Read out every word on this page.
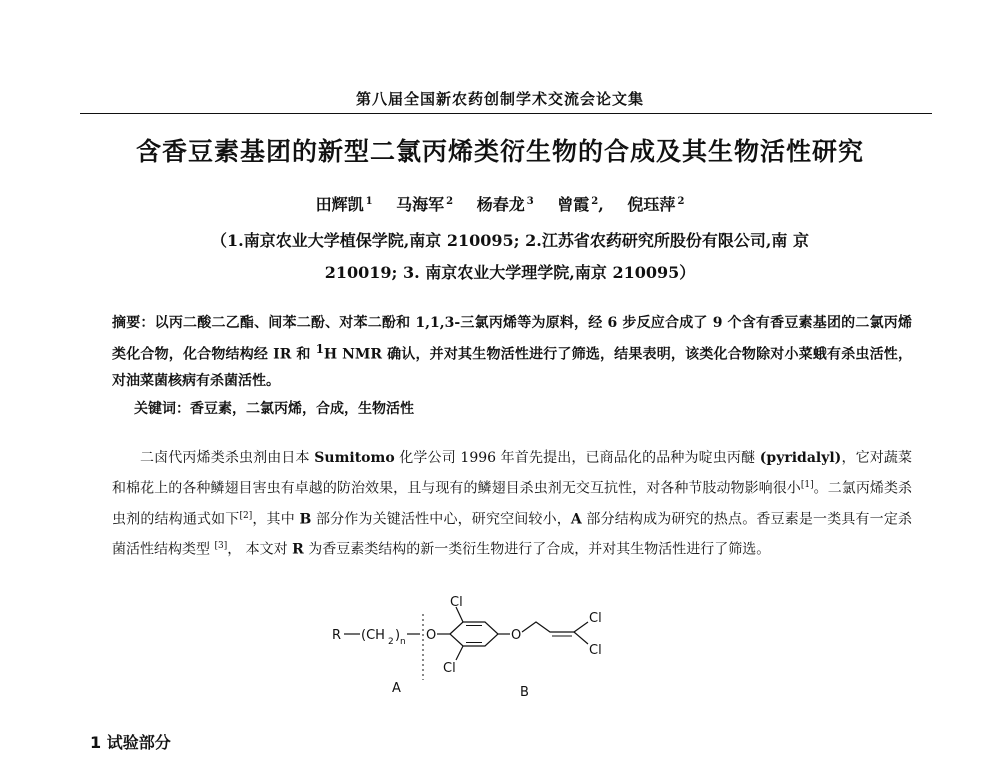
第八届全国新农药创制学术交流会论文集
含香豆素基团的新型二氯丙烯类衍生物的合成及其生物活性研究
田辉凯 $^1$ 马海军 $^2$ 杨春龙 $^3$ 曾霞 $^2$, 倪珏萍 $^2$
（1.南京农业大学植保学院,南京 210095; 2.江苏省农药研究所股份有限公司,南 京
210019; 3. 南京农业大学理学院,南京 210095）
摘要：以丙二酸二乙酯、间苯二酚、对苯二酚和 1,1,3-三氯丙烯等为原料，经 6 步反应合成了 9 个含有香豆素基团的二氯丙烯类化合物，化合物结构经 IR 和 $^1$H NMR 确认，并对其生物活性进行了筛选，结果表明，该类化合物除对小菜蛾有杀虫活性，对油菜菌核病有杀菌活性。
关键词：香豆素，二氯丙烯，合成，生物活性

二卤代丙烯类杀虫剂由日本 Sumitomo 化学公司 1996 年首先提出，已商品化的品种为啶虫丙醚 (pyridalyl)，它对蔬菜和棉花上的各种鳞翅目害虫有卓越的防治效果，且与现有的鳞翅目杀虫剂无交互抗性，对各种节肢动物影响很小[1]。二氯丙烯类杀虫剂的结构通式如下[2]，其中 B 部分作为关键活性中心，研究空间较小，A 部分结构成为研究的热点。香豆素是一类具有一定杀菌活性结构类型 [3]， 本文对 R 为香豆素类结构的新一类衍生物进行了合成，并对其生物活性进行了筛选。

R (CH 2 ) n O
Cl
Cl
O
Cl
Cl
A	B
1 试验部分
